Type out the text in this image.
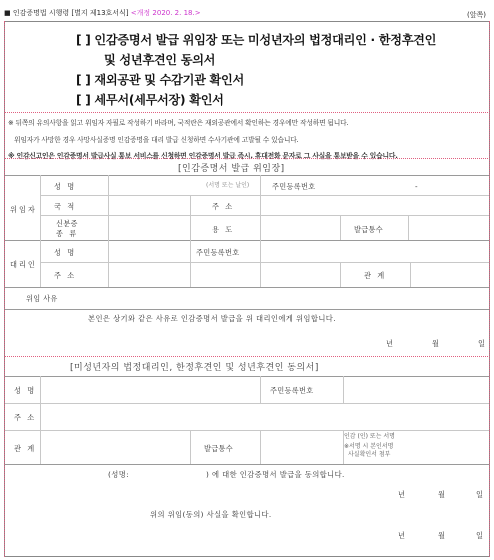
■ 인감증명법 시행령 [별지 제13호서식] <개정 2020. 2. 18.>	(앞쪽)
[ ] 인감증명서 발급 위임장 또는 미성년자의 법정대리인 · 한정후견인
및 성년후견인 동의서
[ ] 재외공관 및 수감기관 확인서
[ ] 세무서(세무서장) 확인서
※ 뒤쪽의 유의사항을 읽고 위임자 자필로 작성하기 바라며, 국적란은 재외공관에서 확인하는 경우에만 작성하면 됩니다.
위임자가 사망한 경우 사망사실증명 인감증명을 대리 발급 신청하면 수사기관에 고발될 수 있습니다.
※ 인감신고인은 인감증명서 발급사실 통보 서비스를 신청하면 인감증명서 발급 즉시, 휴대전화 문자로 그 사실을 통보받을 수 있습니다.
[인감증명서 발급 위임장]
위임자
성 명	(서명 또는 날인)	주민등록번호	-
국 적	주 소
신분증
종 류	용 도	발급통수
대리인
성 명	주민등록번호
주 소	관 계
위임 사유
본인은 상기와 같은 사유로 인감증명서 발급을 위 대리인에게 위임합니다.
년	월	일
[미성년자의 법정대리인, 한정후견인 및 성년후견인 동의서]
성 명	주민등록번호
주 소
관 계	발급통수
인감 (인) 또는 서명
※서명 시 본인서명
사실확인서 첨부
(성명:	) 에 대한 인감증명서 발급을 동의합니다.
년	월	일
위의 위임(동의) 사실을 확인합니다.
년	월	일
